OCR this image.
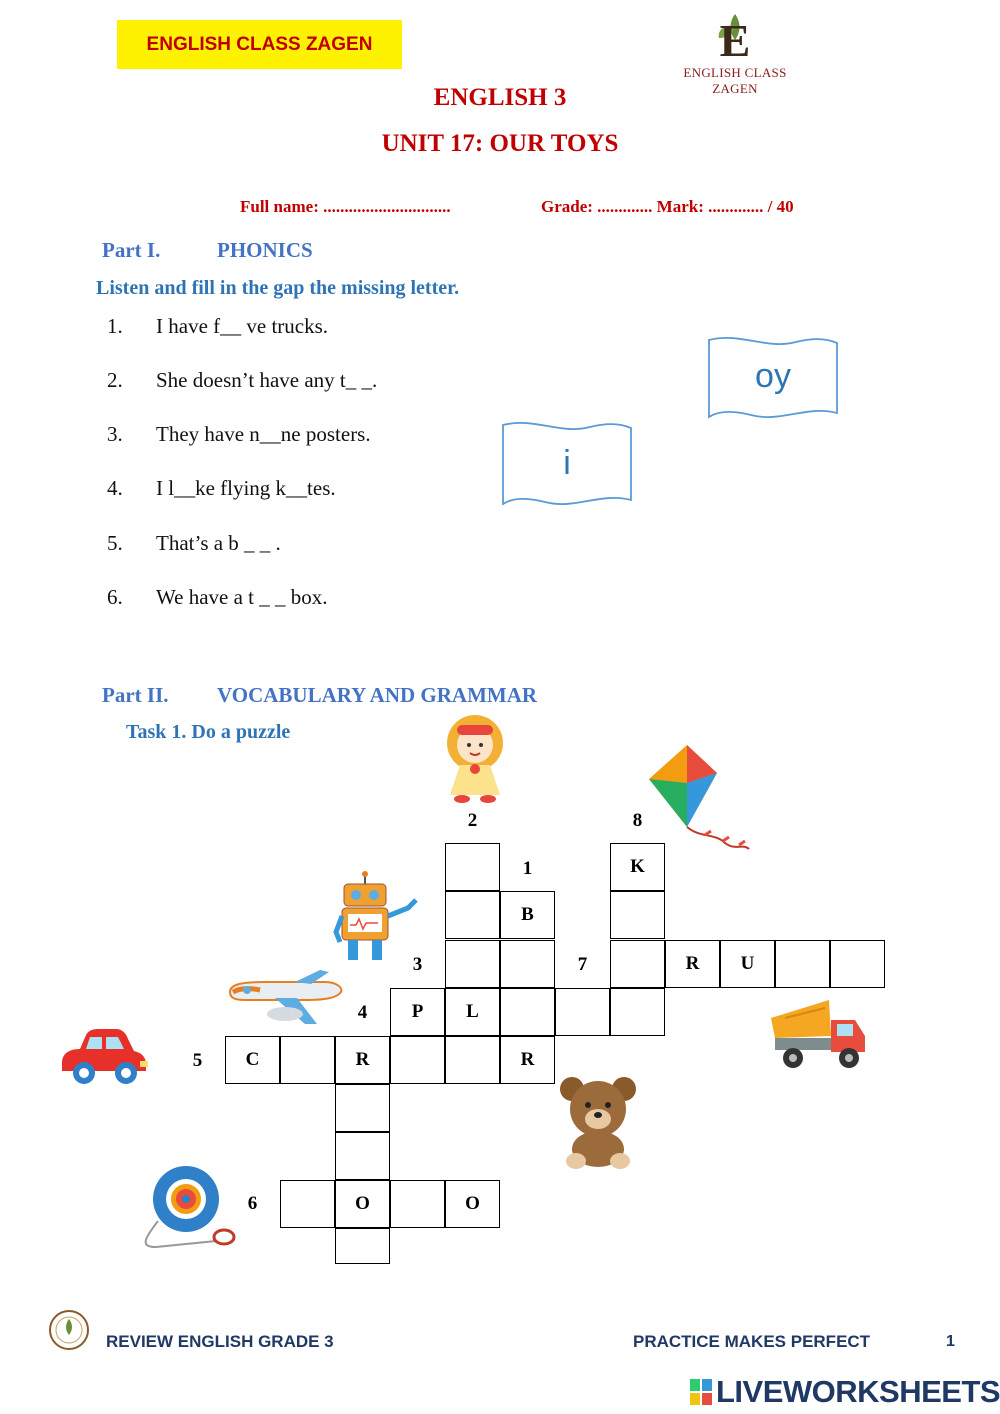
ENGLISH CLASS ZAGEN	E
ENGLISH CLASS ZAGEN
ENGLISH 3
UNIT 17: OUR TOYS
Full name: ..............................	Grade: ............. Mark: ............. / 40
Part I.	PHONICS
Listen and fill in the gap the missing letter.
1. I have f__ ve trucks.
2. She doesn’t have any t_ _.
3. They have n__ne posters.
4. I l__ke flying k__tes.
5. That’s a b _ _ .
6. We have a t _ _ box.
oy
i
Part II. VOCABULARY AND GRAMMAR
Task 1. Do a puzzle
2	8
1
3	7
4
5
6
K
B
R	U
P	L
C	R	R
O	O
REVIEW ENGLISH GRADE 3	PRACTICE MAKES PERFECT	1
LIVEWORKSHEETS
